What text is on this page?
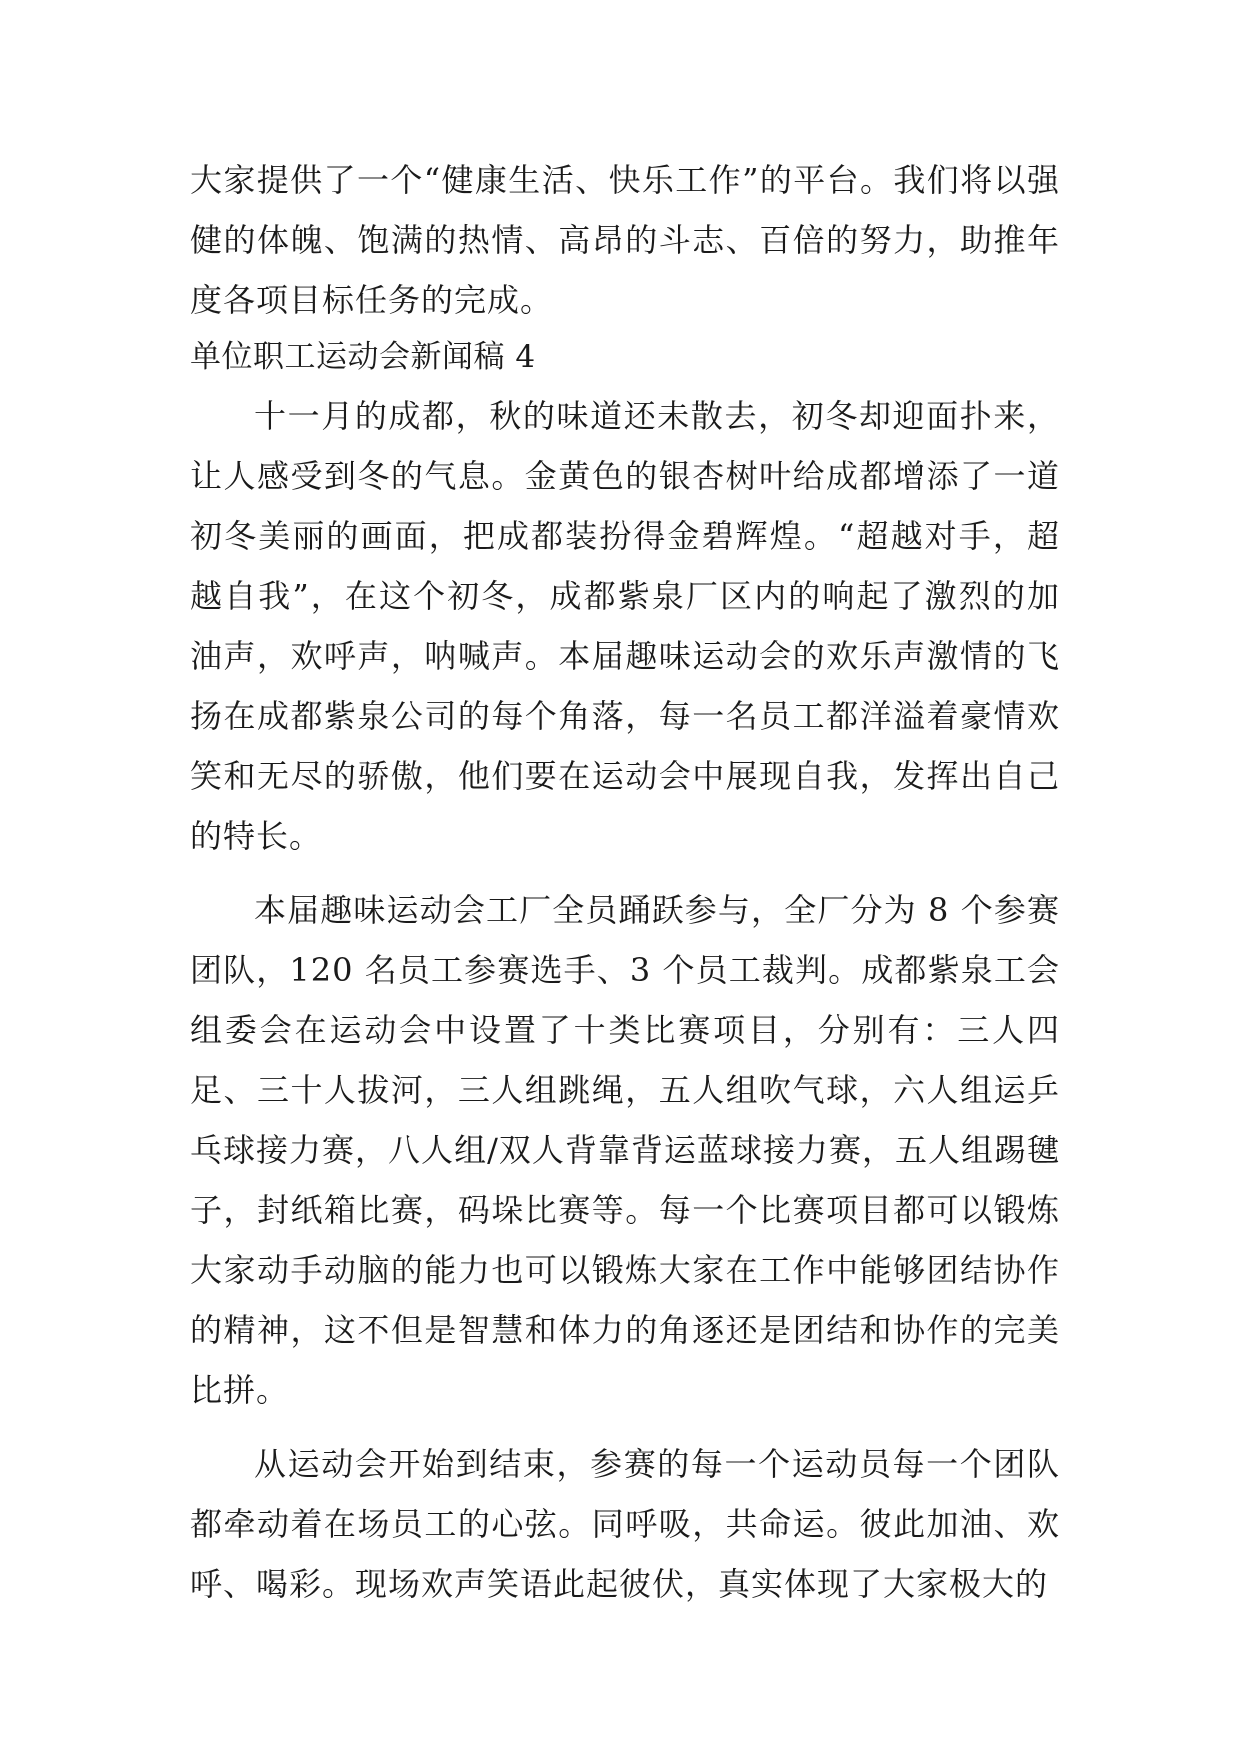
大家提供了一个“健康生活、快乐工作”的平台。我们将以强健的体魄、饱满的热情、高昂的斗志、百倍的努力，助推年度各项目标任务的完成。

单位职工运动会新闻稿 4

十一月的成都，秋的味道还未散去，初冬却迎面扑来，让人感受到冬的气息。金黄色的银杏树叶给成都增添了一道初冬美丽的画面，把成都装扮得金碧辉煌。“超越对手，超越自我”，在这个初冬，成都紫泉厂区内的响起了激烈的加油声，欢呼声，呐喊声。本届趣味运动会的欢乐声激情的飞扬在成都紫泉公司的每个角落，每一名员工都洋溢着豪情欢笑和无尽的骄傲，他们要在运动会中展现自我，发挥出自己的特长。

本届趣味运动会工厂全员踊跃参与，全厂分为 8 个参赛团队，120 名员工参赛选手、3 个员工裁判。成都紫泉工会组委会在运动会中设置了十类比赛项目，分别有：三人四足、三十人拔河，三人组跳绳，五人组吹气球，六人组运乒乓球接力赛，八人组/双人背靠背运蓝球接力赛，五人组踢毽子，封纸箱比赛，码垛比赛等。每一个比赛项目都可以锻炼大家动手动脑的能力也可以锻炼大家在工作中能够团结协作的精神，这不但是智慧和体力的角逐还是团结和协作的完美比拼。

从运动会开始到结束，参赛的每一个运动员每一个团队都牵动着在场员工的心弦。同呼吸，共命运。彼此加油、欢呼、喝彩。现场欢声笑语此起彼伏，真实体现了大家极大的
